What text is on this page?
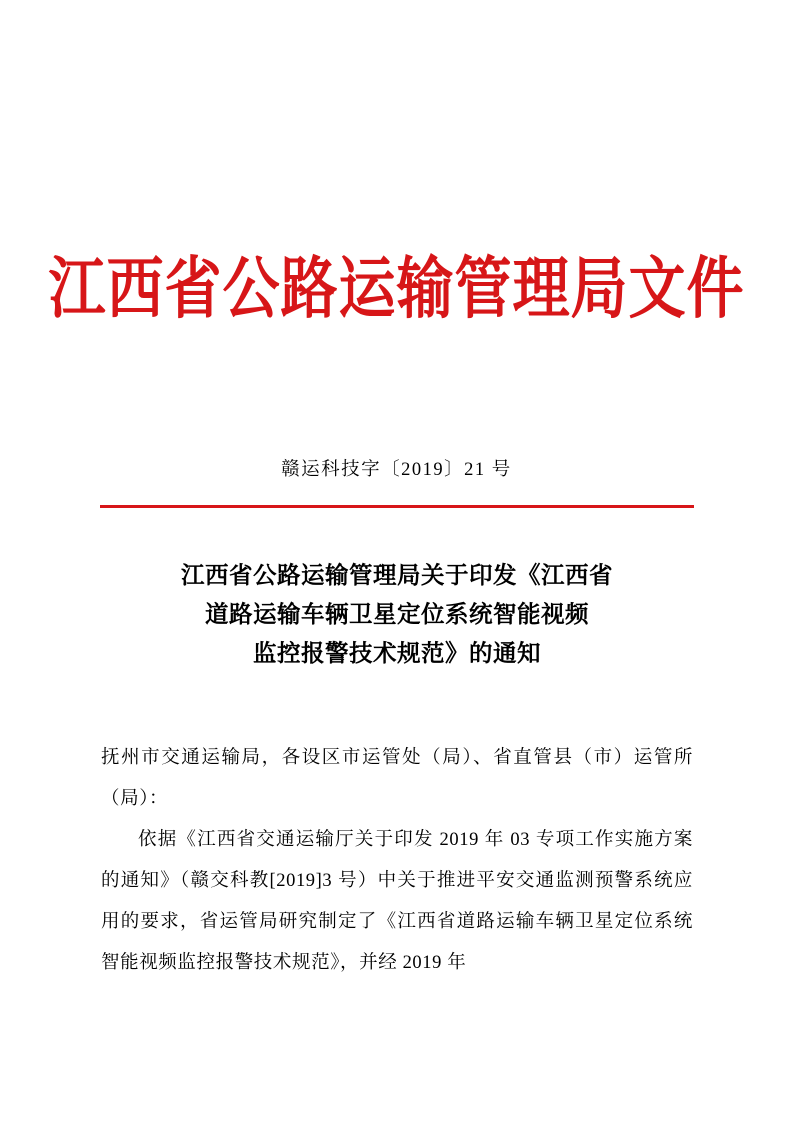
江西省公路运输管理局文件
赣运科技字〔2019〕21 号
江西省公路运输管理局关于印发《江西省
道路运输车辆卫星定位系统智能视频
监控报警技术规范》的通知

抚州市交通运输局，各设区市运管处（局）、省直管县（市）运管所（局）：

依据《江西省交通运输厅关于印发 2019 年 03 专项工作实施方案的通知》（赣交科教[2019]3 号）中关于推进平安交通监测预警系统应用的要求，省运管局研究制定了《江西省道路运输车辆卫星定位系统智能视频监控报警技术规范》，并经 2019 年
